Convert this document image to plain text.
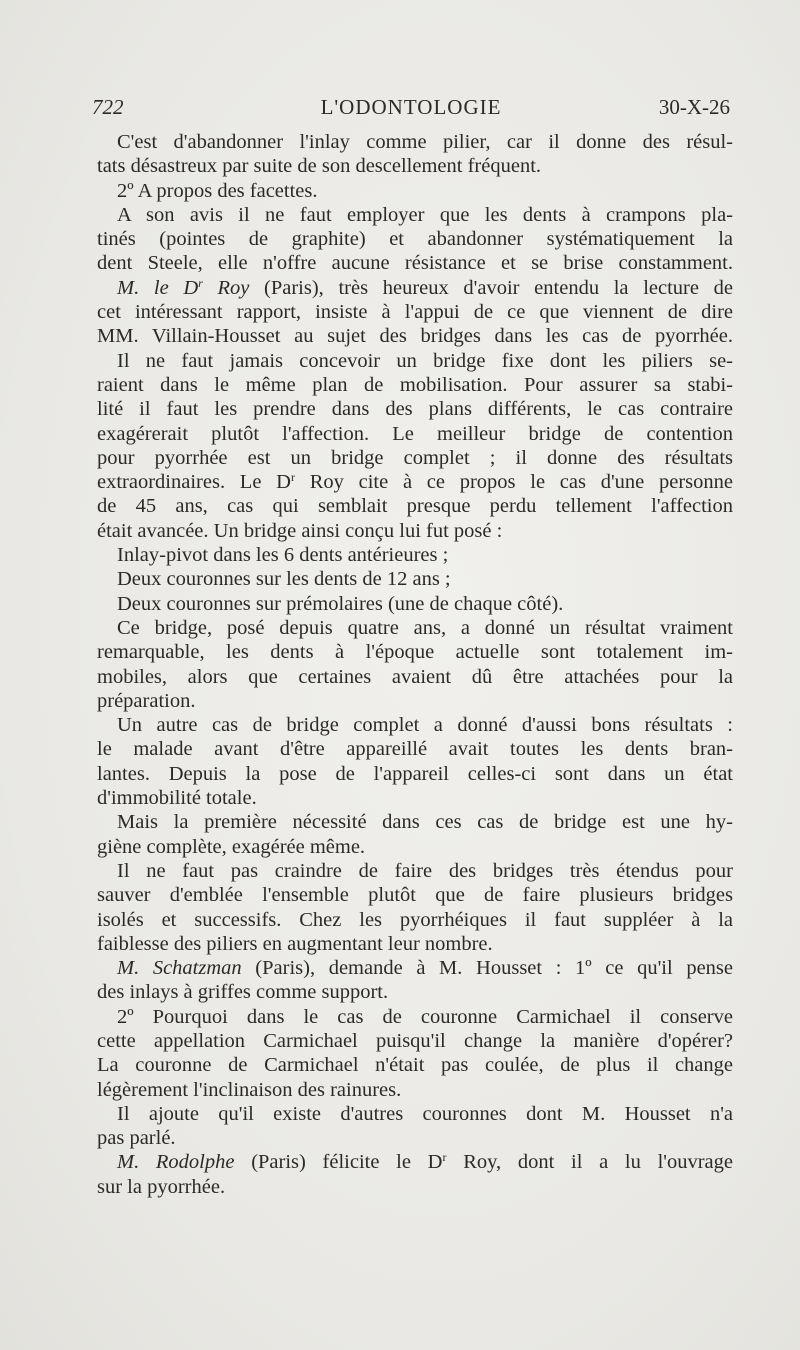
L'ODONTOLOGIE
722	30-X-26
C'est d'abandonner l'inlay comme pilier, car il donne des résul-
tats désastreux par suite de son descellement fréquent.
2º A propos des facettes.
A son avis il ne faut employer que les dents à crampons pla-
tinés (pointes de graphite) et abandonner systématiquement la
dent Steele, elle n'offre aucune résistance et se brise constamment.
M. le $D^r$ Roy (Paris), très heureux d'avoir entendu la lecture de
cet intéressant rapport, insiste à l'appui de ce que viennent de dire
MM. Villain-Housset au sujet des bridges dans les cas de pyorrhée.
Il ne faut jamais concevoir un bridge fixe dont les piliers se-
raient dans le même plan de mobilisation. Pour assurer sa stabi-
lité il faut les prendre dans des plans différents, le cas contraire
exagérerait plutôt l'affection. Le meilleur bridge de contention
pour pyorrhée est un bridge complet ; il donne des résultats
extraordinaires. Le $D^r$ Roy cite à ce propos le cas d'une personne
de 45 ans, cas qui semblait presque perdu tellement l'affection
était avancée. Un bridge ainsi conçu lui fut posé :
Inlay-pivot dans les 6 dents antérieures ;
Deux couronnes sur les dents de 12 ans ;
Deux couronnes sur prémolaires (une de chaque côté).
Ce bridge, posé depuis quatre ans, a donné un résultat vraiment
remarquable, les dents à l'époque actuelle sont totalement im-
mobiles, alors que certaines avaient dû être attachées pour la
préparation.
Un autre cas de bridge complet a donné d'aussi bons résultats :
le malade avant d'être appareillé avait toutes les dents bran-
lantes. Depuis la pose de l'appareil celles-ci sont dans un état
d'immobilité totale.
Mais la première nécessité dans ces cas de bridge est une hy-
giène complète, exagérée même.
Il ne faut pas craindre de faire des bridges très étendus pour
sauver d'emblée l'ensemble plutôt que de faire plusieurs bridges
isolés et successifs. Chez les pyorrhéiques il faut suppléer à la
faiblesse des piliers en augmentant leur nombre.
M. Schatzman (Paris), demande à M. Housset : 1º ce qu'il pense
des inlays à griffes comme support.
2º Pourquoi dans le cas de couronne Carmichael il conserve
cette appellation Carmichael puisqu'il change la manière d'opérer?
La couronne de Carmichael n'était pas coulée, de plus il change
légèrement l'inclinaison des rainures.
Il ajoute qu'il existe d'autres couronnes dont M. Housset n'a
pas parlé.
M. Rodolphe (Paris) félicite le $D^r$ Roy, dont il a lu l'ouvrage
sur la pyorrhée.
